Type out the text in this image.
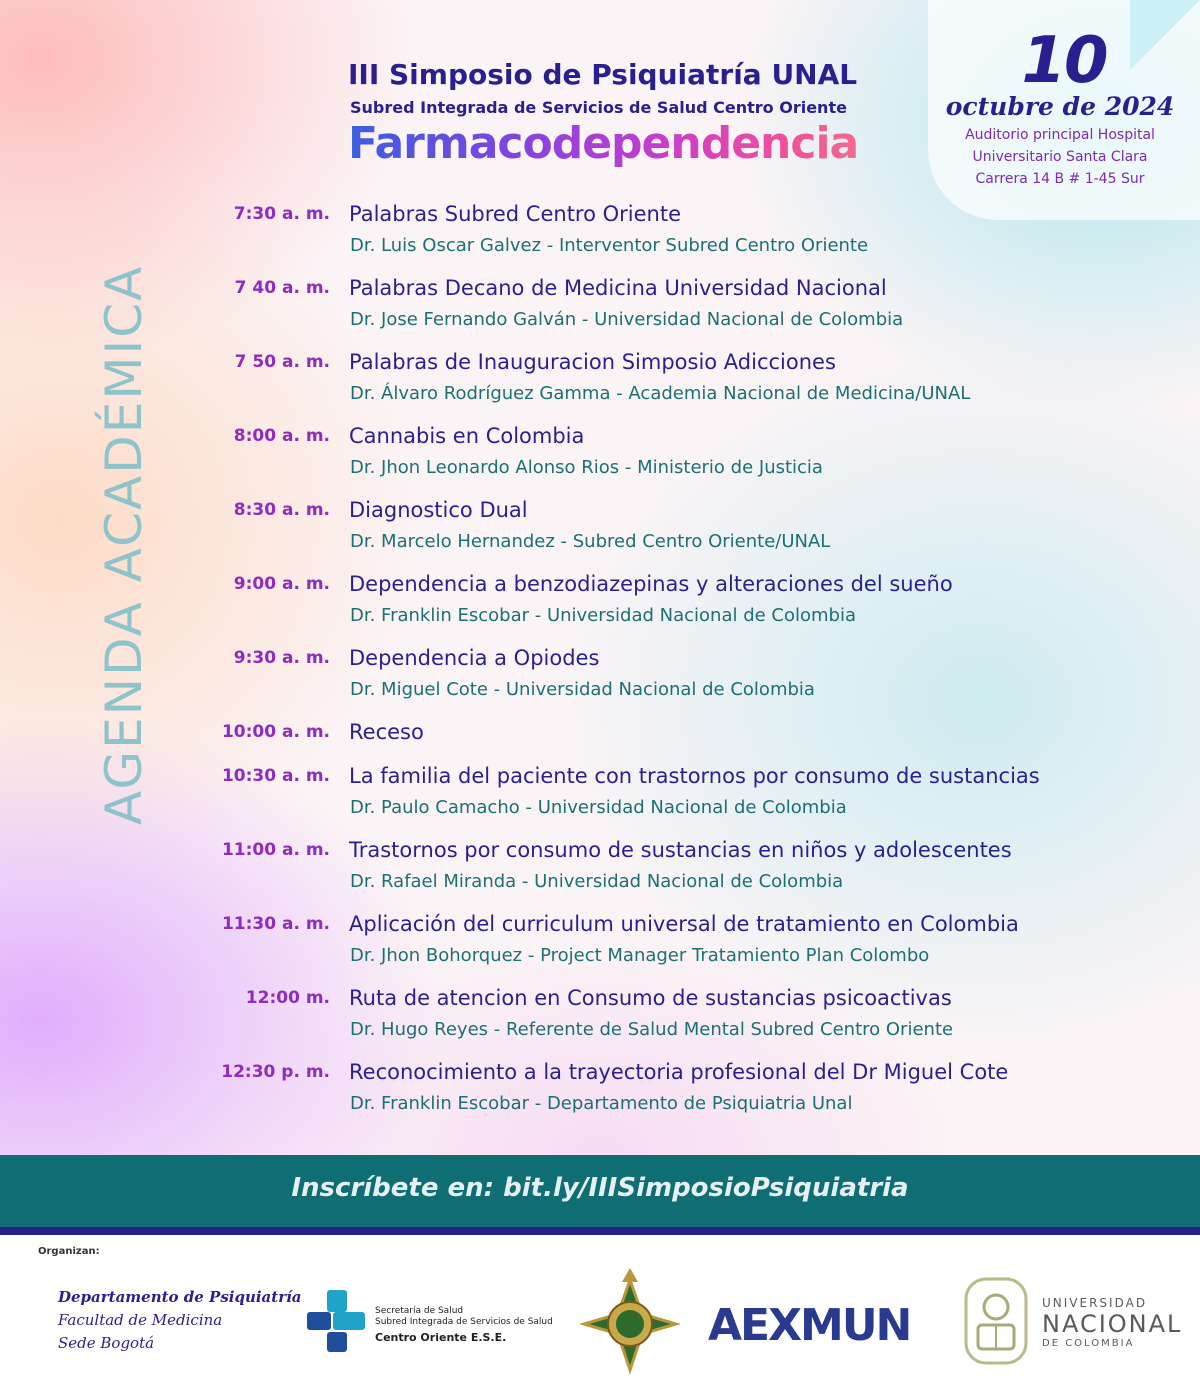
10
octubre de 2024
Auditorio principal Hospital
Universitario Santa Clara
Carrera 14 B # 1-45 Sur
III Simposio de Psiquiatría UNAL
Subred Integrada de Servicios de Salud Centro Oriente
Farmacodependencia
AGENDA ACADÉMICA
7:30 a. m. Palabras Subred Centro Oriente
Dr. Luis Oscar Galvez - Interventor Subred Centro Oriente
7 40 a. m. Palabras Decano de Medicina Universidad Nacional
Dr. Jose Fernando Galván - Universidad Nacional de Colombia
7 50 a. m. Palabras de Inauguracion Simposio Adicciones
Dr. Álvaro Rodríguez Gamma - Academia Nacional de Medicina/UNAL
8:00 a. m. Cannabis en Colombia
Dr. Jhon Leonardo Alonso Rios - Ministerio de Justicia
8:30 a. m. Diagnostico Dual
Dr. Marcelo Hernandez - Subred Centro Oriente/UNAL
9:00 a. m. Dependencia a benzodiazepinas y alteraciones del sueño
Dr. Franklin Escobar - Universidad Nacional de Colombia
9:30 a. m. Dependencia a Opiodes
Dr. Miguel Cote - Universidad Nacional de Colombia
10:00 a. m. Receso
10:30 a. m. La familia del paciente con trastornos por consumo de sustancias
Dr. Paulo Camacho - Universidad Nacional de Colombia
11:00 a. m. Trastornos por consumo de sustancias en niños y adolescentes
Dr. Rafael Miranda - Universidad Nacional de Colombia
11:30 a. m. Aplicación del curriculum universal de tratamiento en Colombia
Dr. Jhon Bohorquez - Project Manager Tratamiento Plan Colombo
12:00 m. Ruta de atencion en Consumo de sustancias psicoactivas
Dr. Hugo Reyes - Referente de Salud Mental Subred Centro Oriente
12:30 p. m. Reconocimiento a la trayectoria profesional del Dr Miguel Cote
Dr. Franklin Escobar - Departamento de Psiquiatria Unal
Inscríbete en: bit.ly/IIISimposioPsiquiatria
Organizan:
Departamento de Psiquiatría
Facultad de Medicina
Sede Bogotá
Secretaría de Salud
Subred Integrada de Servicios de Salud
Centro Oriente E.S.E.	AEXMUN	UNIVERSIDAD
NACIONAL
DE COLOMBIA
